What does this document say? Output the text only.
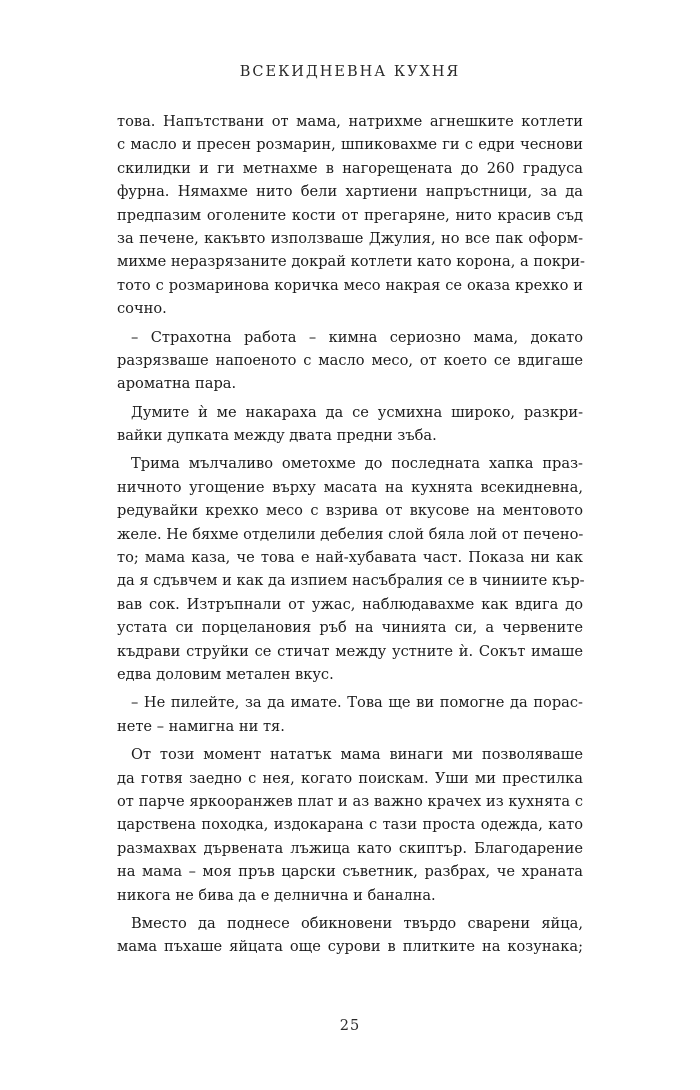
ВСЕКИДНЕВНА КУХНЯ
това. Напътствани от мама, натрихме агнешките котлети
с масло и пресен розмарин, шпиковахме ги с едри чеснови
скилидки и ги метнахме в нагорещената до 260 градуса
фурна. Нямахме нито бели хартиени напръстници, за да
предпазим оголените кости от прегаряне, нито красив съд
за печене, какъвто използваше Джулия, но все пак оформ-
михме неразрязаните докрай котлети като корона, а покри-
тото с розмаринова коричка месо накрая се оказа крехко и
сочно.
– Страхотна работа – кимна сериозно мама, докато
разрязваше напоеното с масло месо, от което се вдигаше
ароматна пара.
Думите ѝ ме накараха да се усмихна широко, разкри-
вайки дупката между двата предни зъба.
Трима мълчаливо ометохме до последната хапка праз-
ничното угощение върху масата на кухнята всекидневна,
редувайки крехко месо с взрива от вкусове на ментовото
желе. Не бяхме отделили дебелия слой бяла лой от печено-
то; мама каза, че това е най-хубавата част. Показа ни как
да я сдъвчем и как да изпием насъбралия се в чиниите кър-
вав сок. Изтръпнали от ужас, наблюдавахме как вдига до
устата си порцелановия ръб на чинията си, а червените
къдрави струйки се стичат между устните ѝ. Сокът имаше
едва доловим метален вкус.
– Не пилейте, за да имате. Това ще ви помогне да порас-
нете – намигна ни тя.
От този момент нататък мама винаги ми позволяваше
да готвя заедно с нея, когато поискам. Уши ми престилка
от парче яркооранжев плат и аз важно крачех из кухнята с
царствена походка, издокарана с тази проста одежда, като
размахвах дървената лъжица като скиптър. Благодарение
на мама – моя пръв царски съветник, разбрах, че храната
никога не бива да е делнична и банална.
Вместо да поднесе обикновени твърдо сварени яйца,
мама пъхаше яйцата още сурови в плитките на козунака;
25
